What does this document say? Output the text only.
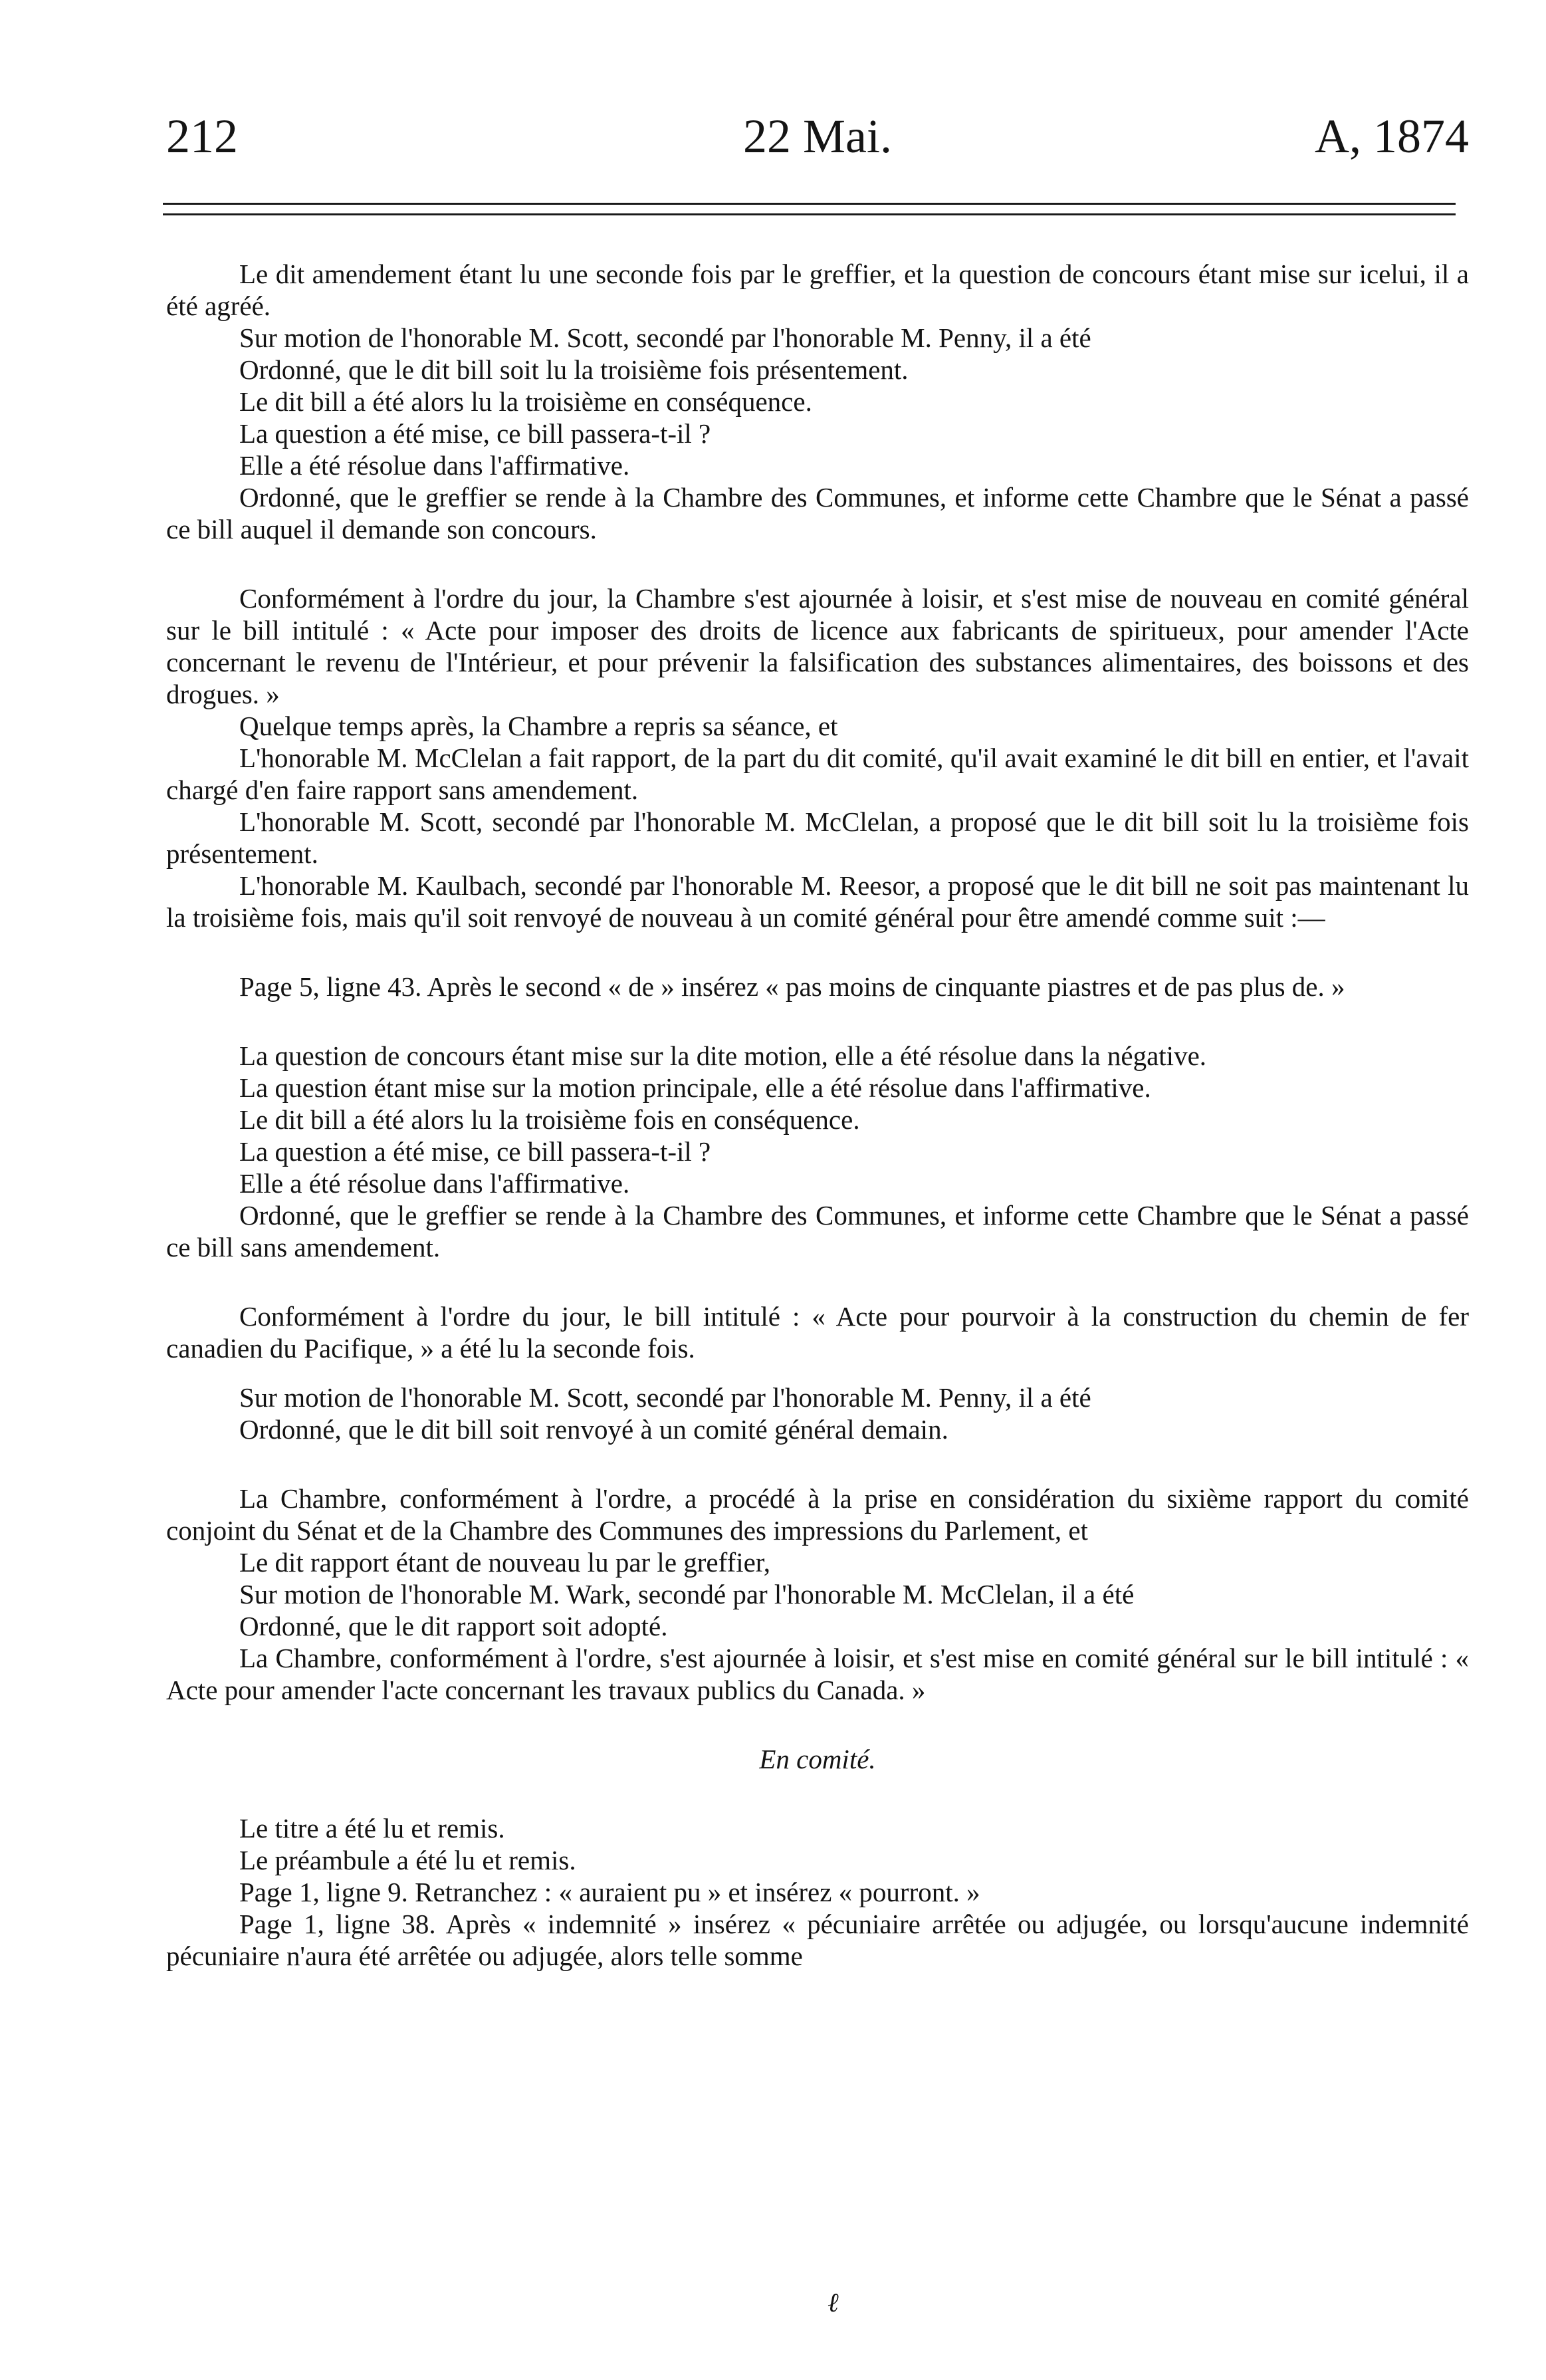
212	22 Mai.	A, 1874

Le dit amendement étant lu une seconde fois par le greffier, et la question de concours étant mise sur icelui, il a été agréé.

Sur motion de l'honorable M. Scott, secondé par l'honorable M. Penny, il a été

Ordonné, que le dit bill soit lu la troisième fois présentement.

Le dit bill a été alors lu la troisième en conséquence.

La question a été mise, ce bill passera-t-il ?

Elle a été résolue dans l'affirmative.

Ordonné, que le greffier se rende à la Chambre des Communes, et informe cette Chambre que le Sénat a passé ce bill auquel il demande son concours.

Conformément à l'ordre du jour, la Chambre s'est ajournée à loisir, et s'est mise de nouveau en comité général sur le bill intitulé : « Acte pour imposer des droits de licence aux fabricants de spiritueux, pour amender l'Acte concernant le revenu de l'Intérieur, et pour prévenir la falsification des substances alimentaires, des boissons et des drogues. »

Quelque temps après, la Chambre a repris sa séance, et

L'honorable M. McClelan a fait rapport, de la part du dit comité, qu'il avait examiné le dit bill en entier, et l'avait chargé d'en faire rapport sans amendement.

L'honorable M. Scott, secondé par l'honorable M. McClelan, a proposé que le dit bill soit lu la troisième fois présentement.

L'honorable M. Kaulbach, secondé par l'honorable M. Reesor, a proposé que le dit bill ne soit pas maintenant lu la troisième fois, mais qu'il soit renvoyé de nouveau à un comité général pour être amendé comme suit :—

Page 5, ligne 43. Après le second « de » insérez « pas moins de cinquante piastres et de pas plus de. »

La question de concours étant mise sur la dite motion, elle a été résolue dans la négative.

La question étant mise sur la motion principale, elle a été résolue dans l'affirmative.

Le dit bill a été alors lu la troisième fois en conséquence.

La question a été mise, ce bill passera-t-il ?

Elle a été résolue dans l'affirmative.

Ordonné, que le greffier se rende à la Chambre des Communes, et informe cette Chambre que le Sénat a passé ce bill sans amendement.

Conformément à l'ordre du jour, le bill intitulé : « Acte pour pourvoir à la construction du chemin de fer canadien du Pacifique, » a été lu la seconde fois.

Sur motion de l'honorable M. Scott, secondé par l'honorable M. Penny, il a été

Ordonné, que le dit bill soit renvoyé à un comité général demain.

La Chambre, conformément à l'ordre, a procédé à la prise en considération du sixième rapport du comité conjoint du Sénat et de la Chambre des Communes des impressions du Parlement, et

Le dit rapport étant de nouveau lu par le greffier,

Sur motion de l'honorable M. Wark, secondé par l'honorable M. McClelan, il a été

Ordonné, que le dit rapport soit adopté.

La Chambre, conformément à l'ordre, s'est ajournée à loisir, et s'est mise en comité général sur le bill intitulé : « Acte pour amender l'acte concernant les travaux publics du Canada. »

En comité.

Le titre a été lu et remis.

Le préambule a été lu et remis.

Page 1, ligne 9. Retranchez : « auraient pu » et insérez « pourront. »

Page 1, ligne 38. Après « indemnité » insérez « pécuniaire arrêtée ou adjugée, ou lorsqu'aucune indemnité pécuniaire n'aura été arrêtée ou adjugée, alors telle somme

ℓ
